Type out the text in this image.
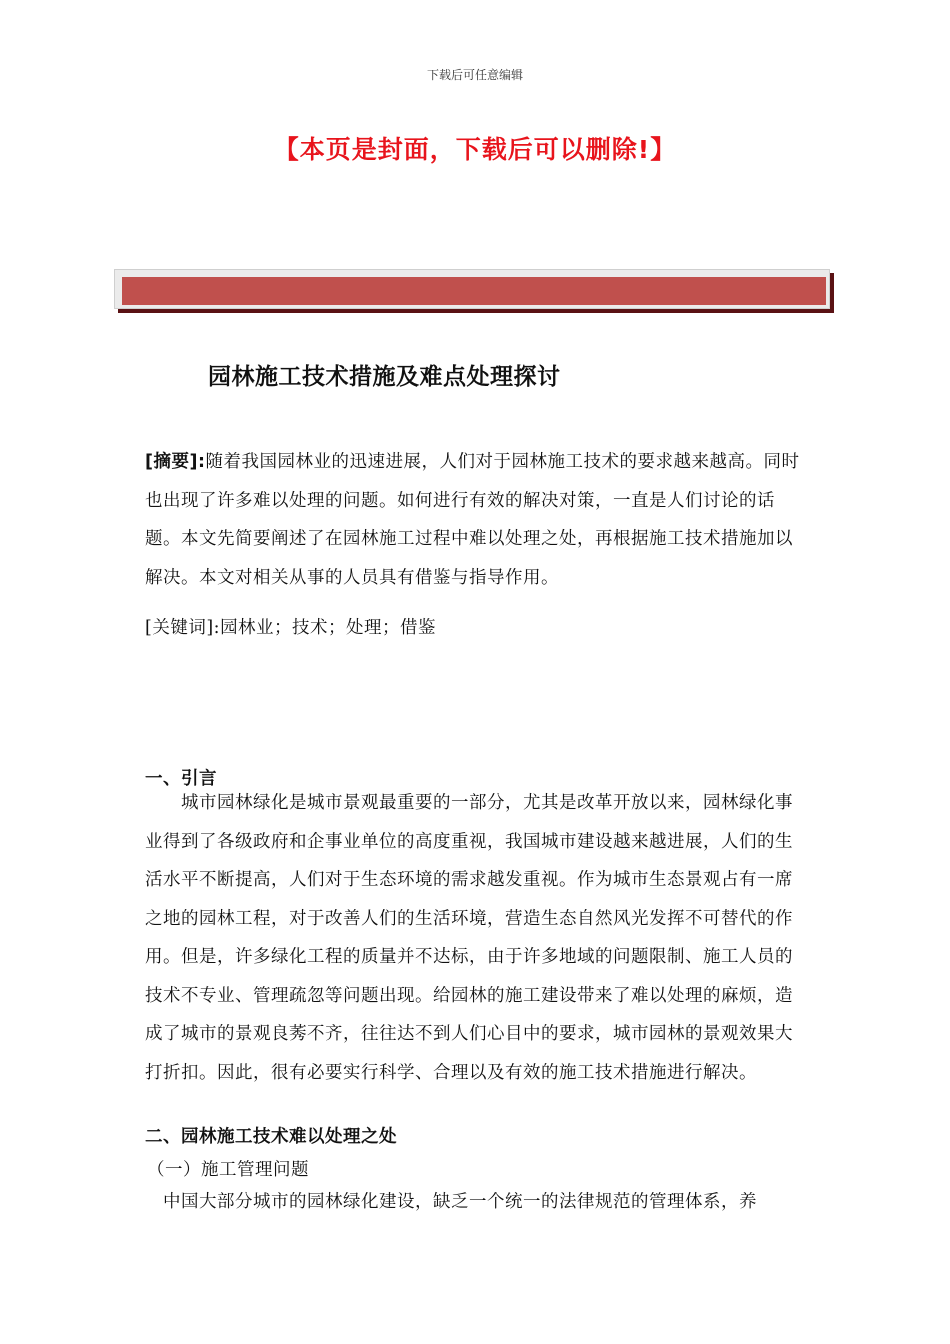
下载后可任意编辑
【本页是封面，下载后可以删除!】
园林施工技术措施及难点处理探讨
[摘要]:随着我国园林业的迅速进展，人们对于园林施工技术的要求越来越高。同时也出现了许多难以处理的问题。如何进行有效的解决对策，一直是人们讨论的话题。本文先简要阐述了在园林施工过程中难以处理之处，再根据施工技术措施加以解决。本文对相关从事的人员具有借鉴与指导作用。
[关键词]:园林业；技术；处理；借鉴
一、引言
城市园林绿化是城市景观最重要的一部分，尤其是改革开放以来，园林绿化事业得到了各级政府和企事业单位的高度重视，我国城市建设越来越进展，人们的生活水平不断提高，人们对于生态环境的需求越发重视。作为城市生态景观占有一席之地的园林工程，对于改善人们的生活环境，营造生态自然风光发挥不可替代的作用。但是，许多绿化工程的质量并不达标，由于许多地域的问题限制、施工人员的技术不专业、管理疏忽等问题出现。给园林的施工建设带来了难以处理的麻烦，造成了城市的景观良莠不齐，往往达不到人们心目中的要求，城市园林的景观效果大打折扣。因此，很有必要实行科学、合理以及有效的施工技术措施进行解决。
二、园林施工技术难以处理之处
（一）施工管理问题
中国大部分城市的园林绿化建设，缺乏一个统一的法律规范的管理体系，养
